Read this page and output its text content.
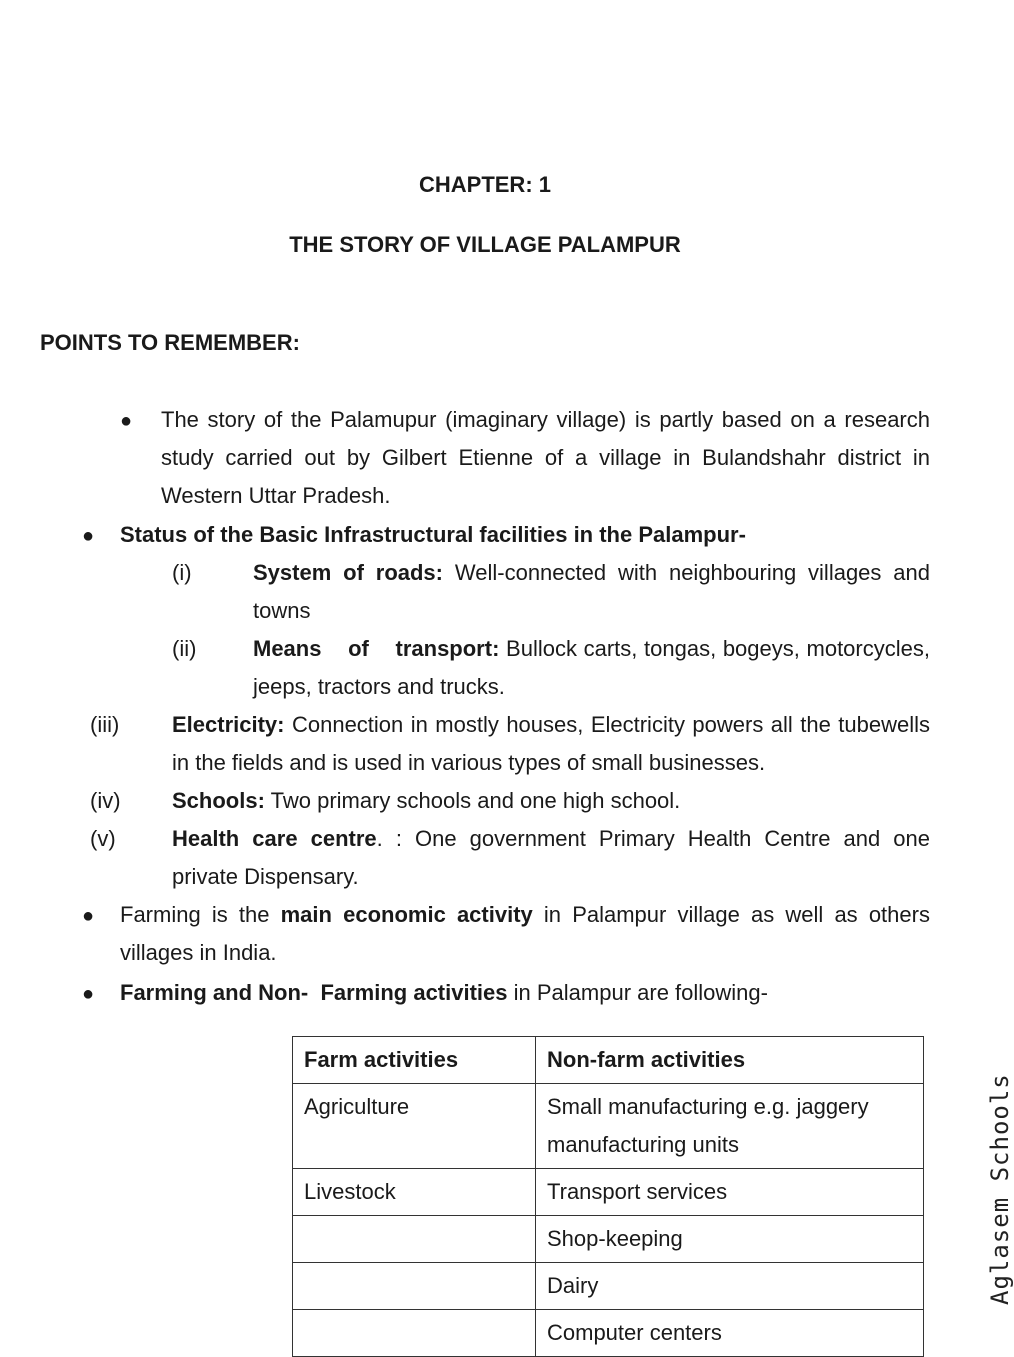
CHAPTER: 1
THE STORY OF VILLAGE PALAMPUR
POINTS TO REMEMBER:
● The story of the Palamupur (imaginary village) is partly based on a research study carried out by Gilbert Etienne of a village in Bulandshahr district in Western Uttar Pradesh.
● Status of the Basic Infrastructural facilities in the Palampur-
(i)	System of roads: Well-connected with neighbouring villages and towns
(ii)	Means of transport: Bullock carts, tongas, bogeys, motorcycles, jeeps, tractors and trucks.
(iii) Electricity: Connection in mostly houses, Electricity powers all the tubewells in the fields and is used in various types of small businesses.
(iv) Schools: Two primary schools and one high school.
(v)	Health care centre. : One government Primary Health Centre and one private Dispensary.
● Farming is the main economic activity in Palampur village as well as others villages in India.
● Farming and Non-  Farming activities in Palampur are following-
Farm activities	Non-farm activities
Agriculture	Small manufacturing e.g. jaggery manufacturing units
Livestock	Transport services
	Shop-keeping
	Dairy
	Computer centers
Aglasem Schools
